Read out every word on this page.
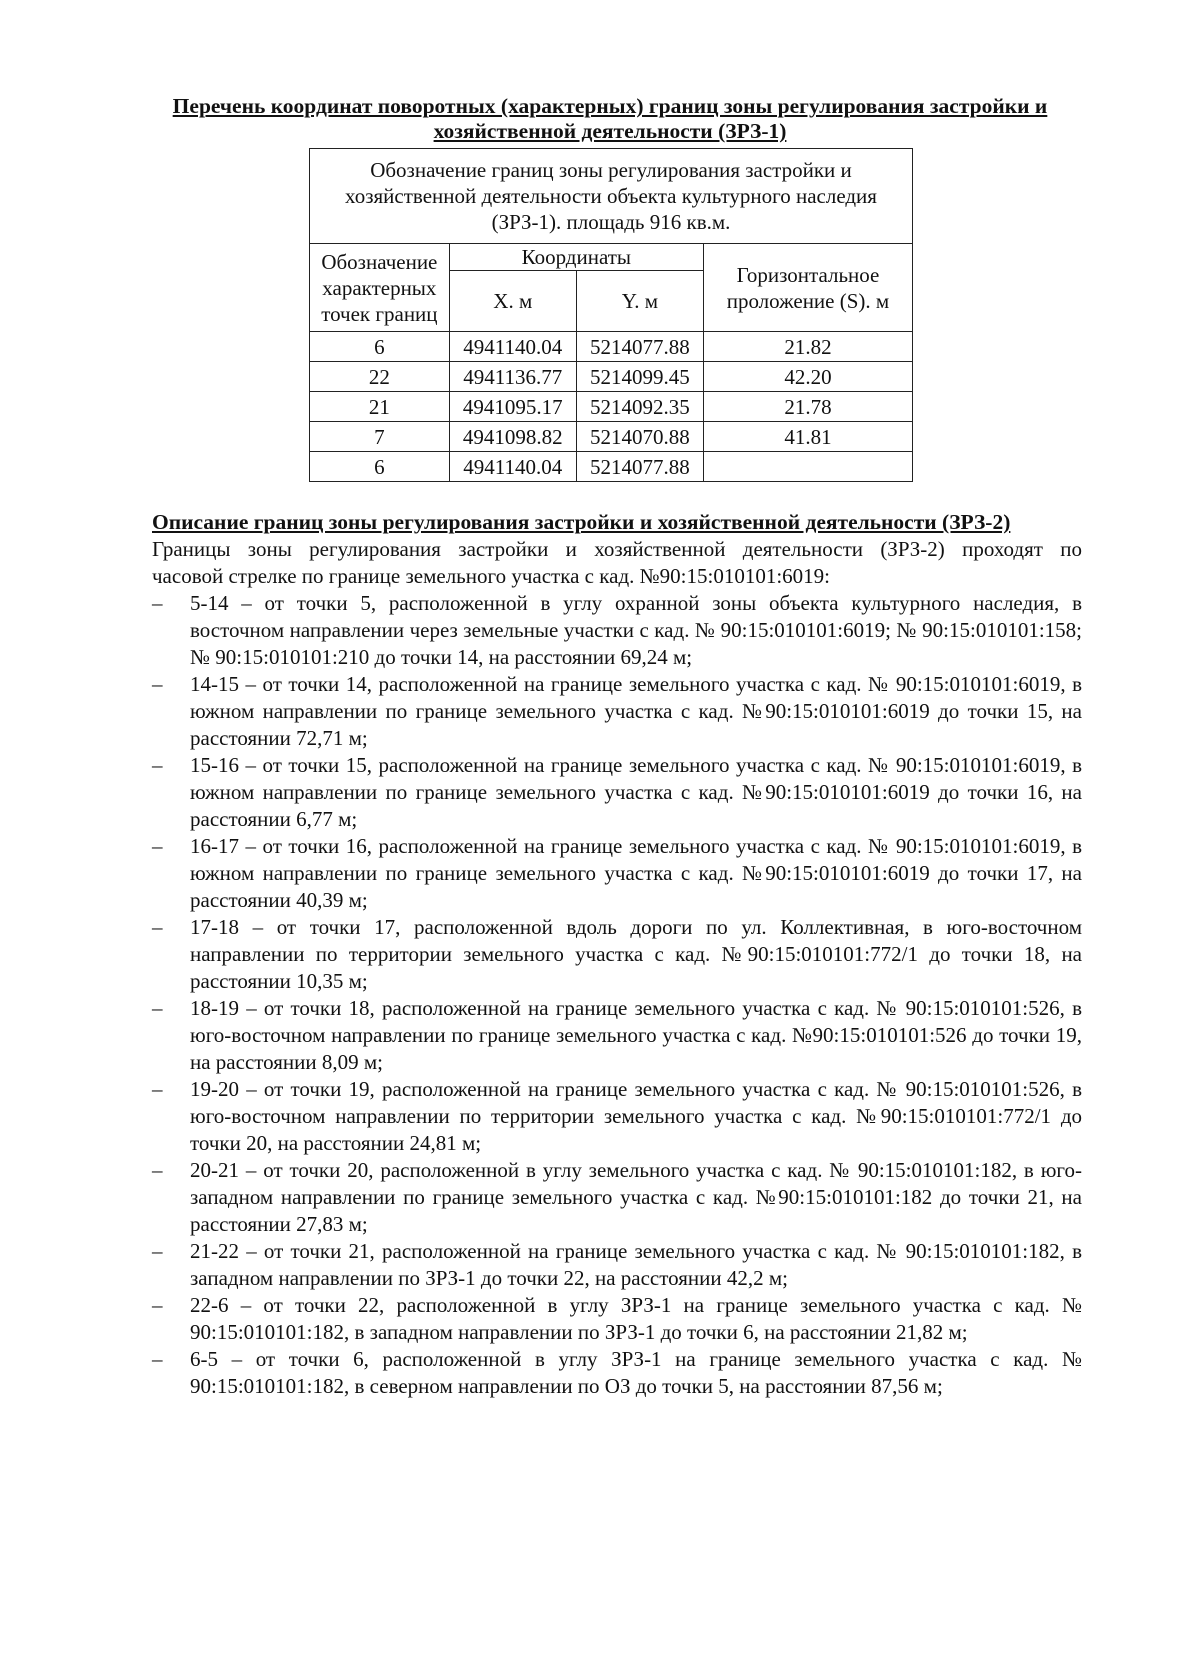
Перечень координат поворотных (характерных) границ зоны регулирования застройки и хозяйственной деятельности (ЗРЗ-1)
Обозначение границ зоны регулирования застройки и хозяйственной деятельности объекта культурного наследия (ЗРЗ-1). площадь 916 кв.м.			
Обозначение характерных точек границ	Координаты		Горизонтальное проложение (S). м
	X. м	Y. м	
6	4941140.04	5214077.88	21.82
22	4941136.77	5214099.45	42.20
21	4941095.17	5214092.35	21.78
7	4941098.82	5214070.88	41.81
6	4941140.04	5214077.88	
Описание границ зоны регулирования застройки и хозяйственной деятельности (ЗРЗ-2)
Границы зоны регулирования застройки и хозяйственной деятельности (ЗРЗ-2) проходят по
часовой стрелке по границе земельного участка с кад. №90:15:010101:6019:
–	5-14 – от точки 5, расположенной в углу охранной зоны объекта культурного наследия, в восточном направлении через земельные участки с кад. № 90:15:010101:6019; № 90:15:010101:158; № 90:15:010101:210 до точки 14, на расстоянии 69,24 м;
–	14-15 – от точки 14, расположенной на границе земельного участка с кад. № 90:15:010101:6019, в южном направлении по границе земельного участка с кад. №90:15:010101:6019 до точки 15, на расстоянии 72,71 м;
–	15-16 – от точки 15, расположенной на границе земельного участка с кад. № 90:15:010101:6019, в южном направлении по границе земельного участка с кад. №90:15:010101:6019 до точки 16, на расстоянии 6,77 м;
–	16-17 – от точки 16, расположенной на границе земельного участка с кад. № 90:15:010101:6019, в южном направлении по границе земельного участка с кад. №90:15:010101:6019 до точки 17, на расстоянии 40,39 м;
–	17-18 – от точки 17, расположенной вдоль дороги по ул. Коллективная, в юго-восточном направлении по территории земельного участка с кад. №90:15:010101:772/1 до точки 18, на расстоянии 10,35 м;
–	18-19 – от точки 18, расположенной на границе земельного участка с кад. № 90:15:010101:526, в юго-восточном направлении по границе земельного участка с кад. №90:15:010101:526 до точки 19, на расстоянии 8,09 м;
–	19-20 – от точки 19, расположенной на границе земельного участка с кад. № 90:15:010101:526, в юго-восточном направлении по территории земельного участка с кад. №90:15:010101:772/1 до точки 20, на расстоянии 24,81 м;
–	20-21 – от точки 20, расположенной в углу земельного участка с кад. № 90:15:010101:182, в юго-западном направлении по границе земельного участка с кад. №90:15:010101:182 до точки 21, на расстоянии 27,83 м;
–	21-22 – от точки 21, расположенной на границе земельного участка с кад. № 90:15:010101:182, в западном направлении по ЗРЗ-1 до точки 22, на расстоянии 42,2 м;
–	22-6 – от точки 22, расположенной в углу ЗРЗ-1 на границе земельного участка с кад. № 90:15:010101:182, в западном направлении по ЗРЗ-1 до точки 6, на расстоянии 21,82 м;
–	6-5 – от точки 6, расположенной в углу ЗРЗ-1 на границе земельного участка с кад. № 90:15:010101:182, в северном направлении по ОЗ до точки 5, на расстоянии 87,56 м;
